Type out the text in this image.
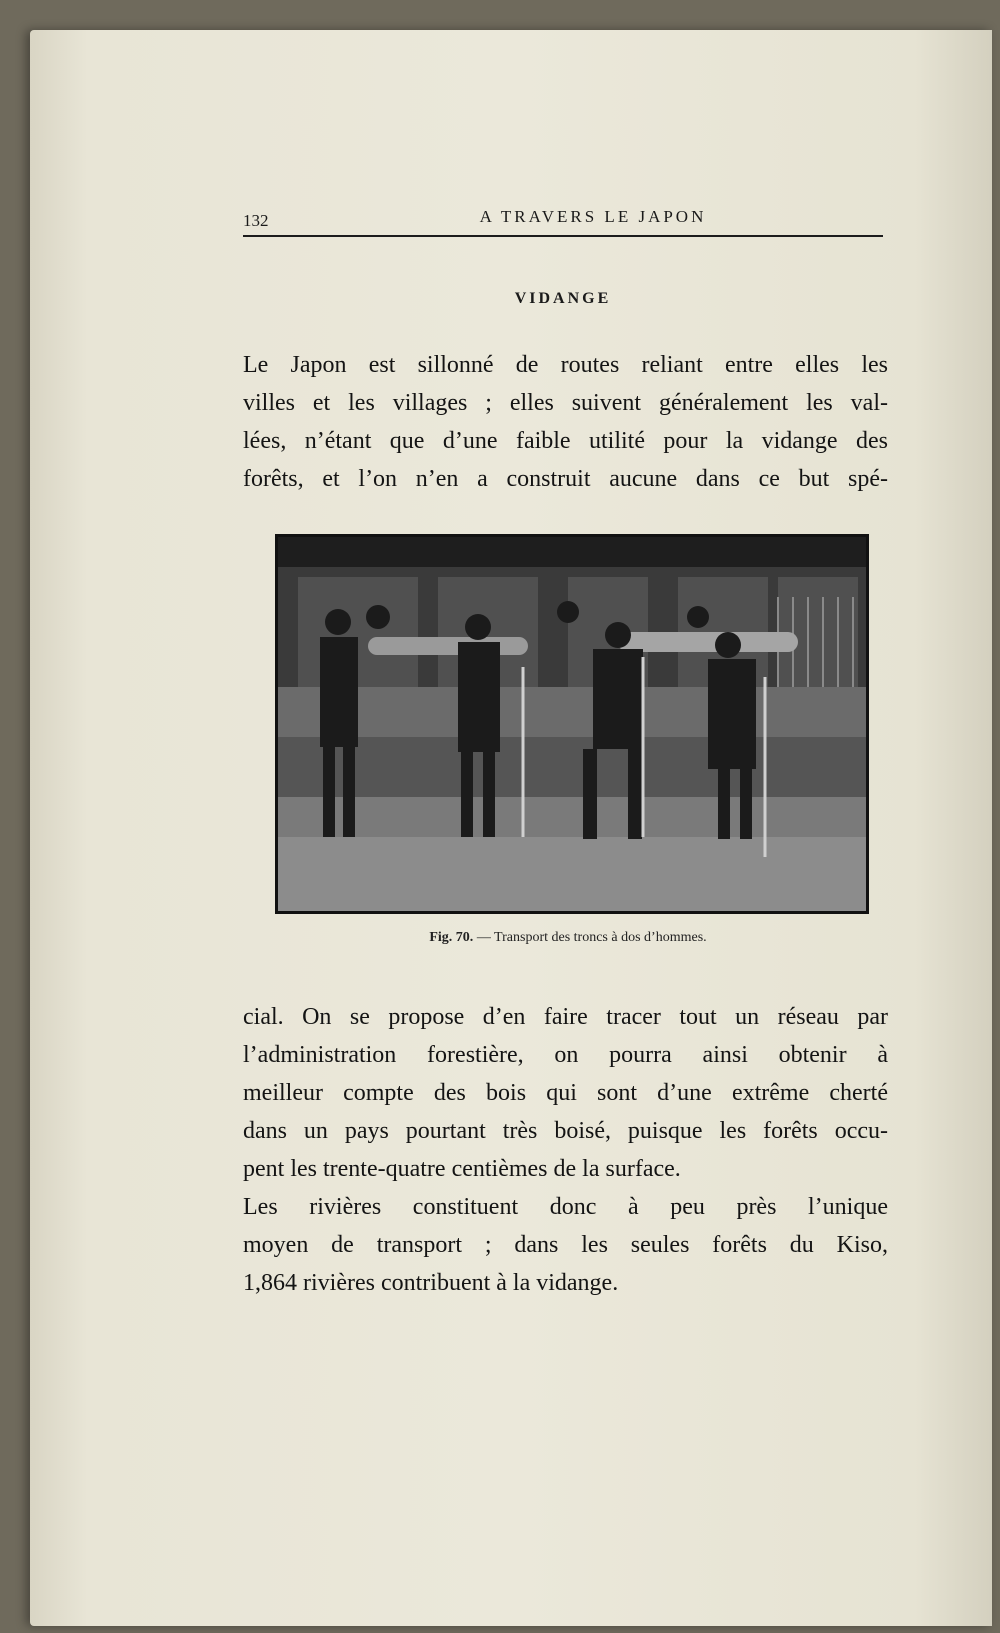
132	A TRAVERS LE JAPON
VIDANGE
Le Japon est sillonné de routes reliant entre elles les
villes et les villages ; elles suivent généralement les val-
lées, n’étant que d’une faible utilité pour la vidange des
forêts, et l’on n’en a construit aucune dans ce but spé-
Fig. 70. — Transport des troncs à dos d’hommes.
cial. On se propose d’en faire tracer tout un réseau par
l’administration forestière, on pourra ainsi obtenir à
meilleur compte des bois qui sont d’une extrême cherté
dans un pays pourtant très boisé, puisque les forêts occu-
pent les trente-quatre centièmes de la surface.
Les rivières constituent donc à peu près l’unique
moyen de transport ; dans les seules forêts du Kiso,
1,864 rivières contribuent à la vidange.
